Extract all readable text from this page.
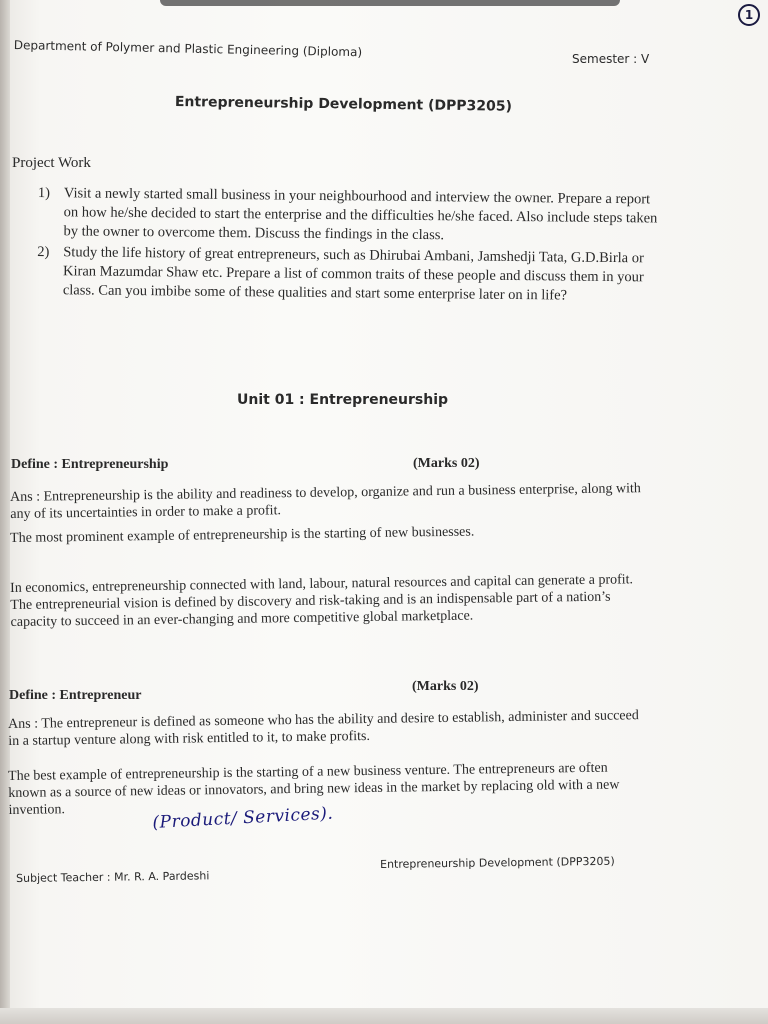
1

Department of Polymer and Plastic Engineering (Diploma)	Semester : V

Entrepreneurship Development (DPP3205)

Project Work

1) Visit a newly started small business in your neighbourhood and interview the owner. Prepare a report on how he/she decided to start the enterprise and the difficulties he/she faced. Also include steps taken by the owner to overcome them. Discuss the findings in the class.
2) Study the life history of great entrepreneurs, such as Dhirubai Ambani, Jamshedji Tata, G.D.Birla or Kiran Mazumdar Shaw etc. Prepare a list of common traits of these people and discuss them in your class. Can you imbibe some of these qualities and start some enterprise later on in life?

Unit 01 : Entrepreneurship

Define : Entrepreneurship	(Marks 02)

Ans : Entrepreneurship is the ability and readiness to develop, organize and run a business enterprise, along with any of its uncertainties in order to make a profit.

The most prominent example of entrepreneurship is the starting of new businesses.

In economics, entrepreneurship connected with land, labour, natural resources and capital can generate a profit. The entrepreneurial vision is defined by discovery and risk-taking and is an indispensable part of a nation’s capacity to succeed in an ever-changing and more competitive global marketplace.

Define : Entrepreneur

(Marks 02)

Ans : The entrepreneur is defined as someone who has the ability and desire to establish, administer and succeed in a startup venture along with risk entitled to it, to make profits.

The best example of entrepreneurship is the starting of a new business venture. The entrepreneurs are often known as a source of new ideas or innovators, and bring new ideas in the market by replacing old with a new invention.	(Product/ Services).

Subject Teacher : Mr. R. A. Pardeshi

Entrepreneurship Development (DPP3205)
